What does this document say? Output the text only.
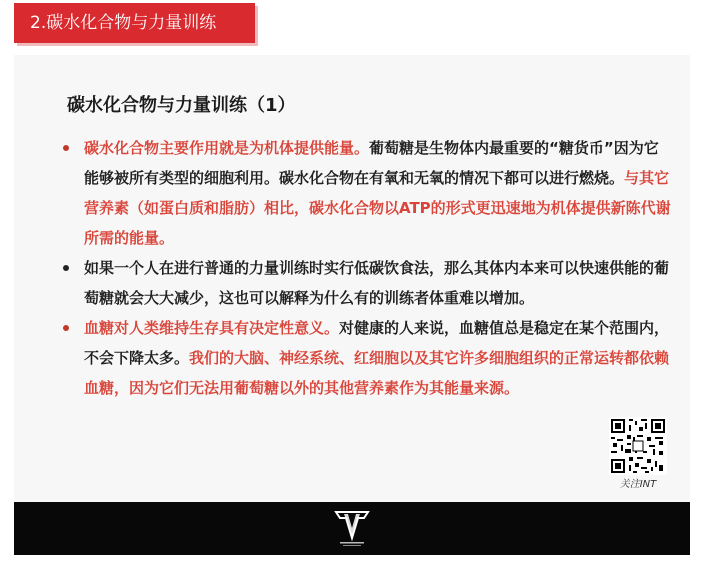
2.碳水化合物与力量训练
碳水化合物与力量训练（1）
碳水化合物主要作用就是为机体提供能量。葡萄糖是生物体内最重要的“糖货币”因为它能够被所有类型的细胞利用。碳水化合物在有氧和无氧的情况下都可以进行燃烧。与其它营养素（如蛋白质和脂肪）相比，碳水化合物以ATP的形式更迅速地为机体提供新陈代谢所需的能量。
如果一个人在进行普通的力量训练时实行低碳饮食法，那么其体内本来可以快速供能的葡萄糖就会大大减少，这也可以解释为什么有的训练者体重难以增加。
血糖对人类维持生存具有决定性意义。对健康的人来说，血糖值总是稳定在某个范围内，不会下降太多。我们的大脑、神经系统、红细胞以及其它许多细胞组织的正常运转都依赖血糖，因为它们无法用葡萄糖以外的其他营养素作为其能量来源。
关注INT
